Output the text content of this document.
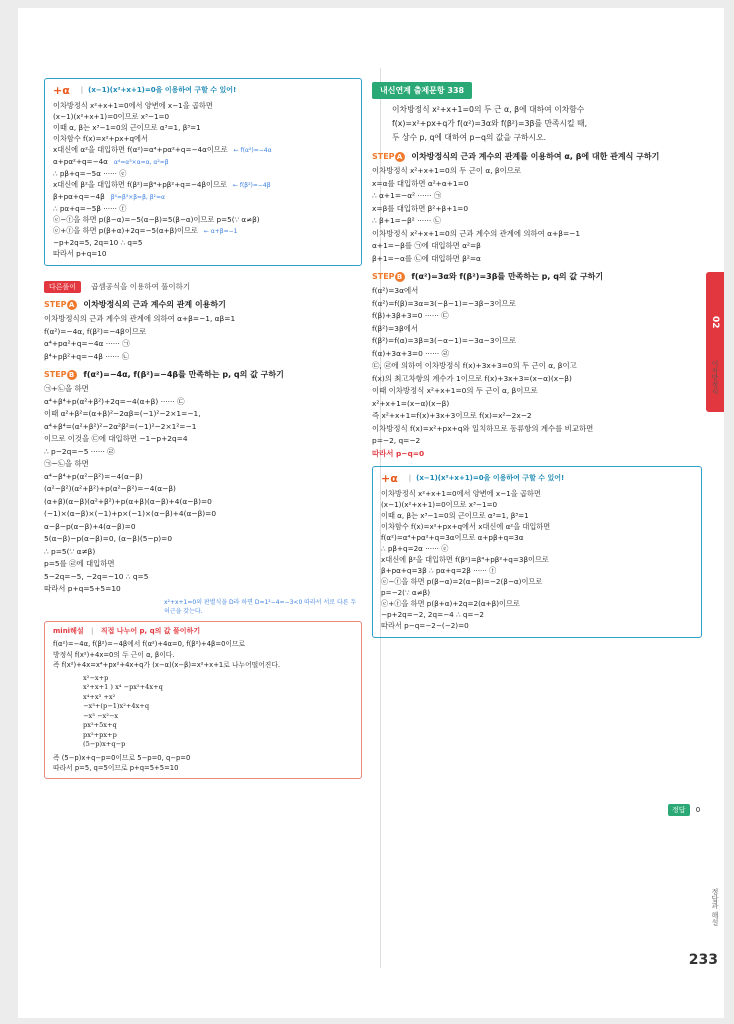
+α | (x−1)(x²+x+1)=0을 이용하여 구할 수 있어!
이차방정식 x²+x+1=0에서 양변에 x−1을 곱하면
(x−1)(x²+x+1)=0이므로 x³−1=0
이때 α, β는 x³−1=0의 근이므로 α³=1, β³=1
이차함수 f(x)=x²+px+q에서
x대신에 α²을 대입하면 f(α²)=α⁴+pα²+q=−4α이므로 ← f(α²)=−4α
α+pα²+q=−4α α⁴=α³×α=α, α²=β
∴ pβ+q=−5α ······ ⓔ
x대신에 β²을 대입하면 f(β²)=β⁴+pβ²+q=−4β이므로 ← f(β²)=−4β
β+pα+q=−4β β⁴=β³×β=β, β²=α
∴ pα+q=−5β ······ ⓕ
ⓔ−ⓕ을 하면 p(β−α)=−5(α−β)=5(β−α)이므로 p=5(∵ α≠β)
ⓔ+ⓕ을 하면 p(β+α)+2q=−5(α+β)이므로 ← α+β=−1
−p+2q=5, 2q=10 ∴ q=5
따라서 p+q=10
다른풀이 곱셈공식을 이용하여 풀이하기
STEP A 이차방정식의 근과 계수의 관계 이용하기
이차방정식의 근과 계수의 관계에 의하여 α+β=−1, αβ=1
f(α²)=−4α, f(β²)=−4β이므로
α⁴+pα²+q=−4α ······ ㉠
β⁴+pβ²+q=−4β ······ ㉡
STEP B f(α²)=−4α, f(β²)=−4β를 만족하는 p, q의 값 구하기
㉠+㉡을 하면
α⁴+β⁴+p(α²+β²)+2q=−4(α+β) ······ ㉢
이때 α²+β²=(α+β)²−2αβ=(−1)²−2×1=−1,
α⁴+β⁴=(α²+β²)²−2α²β²=(−1)²−2×1²=−1
이므로 이것을 ㉢에 대입하면 −1−p+2q=4
∴ p−2q=−5 ······ ㉣
㉠−㉡을 하면
α⁴−β⁴+p(α²−β²)=−4(α−β)
(α²−β²)(α²+β²)+p(α²−β²)=−4(α−β)
(α+β)(α−β)(α²+β²)+p(α+β)(α−β)+4(α−β)=0
(−1)×(α−β)×(−1)+p×(−1)×(α−β)+4(α−β)=0
α−β−p(α−β)+4(α−β)=0
5(α−β)−p(α−β)=0, (α−β)(5−p)=0
∴ p=5(∵ α≠β)
p=5를 ㉣에 대입하면
5−2q=−5, −2q=−10 ∴ q=5
따라서 p+q=5+5=10
x²+x+1=0의 판별식을 D라 하면 D=1²−4=−3<0 따라서 서로 다른 두 허근을 갖는다.
mini해설 | 직접 나누어 p, q의 값 풀이하기
f(α²)=−4α, f(β²)=−4β에서 f(α²)+4α=0, f(β²)+4β=0이므로
방정식 f(x²)+4x=0의 두 근이 α, β이다.
즉 f(x²)+4x=x⁴+px²+4x+q가 (x−α)(x−β)=x²+x+1로 나누어떨어진다.
x²−x+p
x²+x+1 ) x⁴ −px²+4x+q
x⁴+x³ +x²
−x³+(p−1)x²+4x+q
−x³ −x²−x
px²+5x+q
px²+px+p
(5−p)x+q−p
즉 (5−p)x+q−p=0이므로 5−p=0, q−p=0
따라서 p=5, q=5이므로 p+q=5+5=10
내신연계 출제문항 338
이차방정식 x²+x+1=0의 두 근 α, β에 대하여 이차함수
f(x)=x²+px+q가 f(α²)=3α와 f(β²)=3β를 만족시킬 때,
두 상수 p, q에 대하여 p−q의 값을 구하시오.
STEP A 이차방정식의 근과 계수의 관계를 이용하여 α, β에 대한 관계식 구하기
이차방정식 x²+x+1=0의 두 근이 α, β이므로
x=α를 대입하면 α²+α+1=0
∴ α+1=−α² ······ ㉠
x=β를 대입하면 β²+β+1=0
∴ β+1=−β² ······ ㉡
이차방정식 x²+x+1=0의 근과 계수의 관계에 의하여 α+β=−1
α+1=−β를 ㉠에 대입하면 α²=β
β+1=−α를 ㉡에 대입하면 β²=α
STEP B f(α²)=3α와 f(β²)=3β를 만족하는 p, q의 값 구하기
f(α²)=3α에서
f(α²)=f(β)=3α=3(−β−1)=−3β−3이므로
f(β)+3β+3=0 ······ ㉢
f(β²)=3β에서
f(β²)=f(α)=3β=3(−α−1)=−3α−3이므로
f(α)+3α+3=0 ······ ㉣
㉢, ㉣에 의하여 이차방정식 f(x)+3x+3=0의 두 근이 α, β이고
f(x)의 최고차항의 계수가 1이므로 f(x)+3x+3=(x−α)(x−β)
이때 이차방정식 x²+x+1=0의 두 근이 α, β이므로
x²+x+1=(x−α)(x−β)
즉 x²+x+1=f(x)+3x+3이므로 f(x)=x²−2x−2
이차방정식 f(x)=x²+px+q와 일치하므로 동류항의 계수를 비교하면
p=−2, q=−2
따라서 p−q=0
+α | (x−1)(x²+x+1)=0을 이용하여 구할 수 있어!
이차방정식 x²+x+1=0에서 양변에 x−1을 곱하면
(x−1)(x²+x+1)=0이므로 x³−1=0
이때 α, β는 x³−1=0의 근이므로 α³=1, β³=1
이차함수 f(x)=x²+px+q에서 x대신에 α²을 대입하면
f(α²)=α⁴+pα²+q=3α이므로 α+pβ+q=3α
∴ pβ+q=2α ······ ⓔ
x대신에 β²을 대입하면 f(β²)=β⁴+pβ²+q=3β이므로
β+pα+q=3β ∴ pα+q=2β ······ ⓕ
ⓔ−ⓕ을 하면 p(β−α)=2(α−β)=−2(β−α)이므로
p=−2(∵ α≠β)
ⓔ+ⓕ을 하면 p(β+α)+2q=2(α+β)이므로
−p+2q=−2, 2q=−4 ∴ q=−2
따라서 p−q=−2−(−2)=0
정답 0
02
이차방정식
정답과 해설
233
